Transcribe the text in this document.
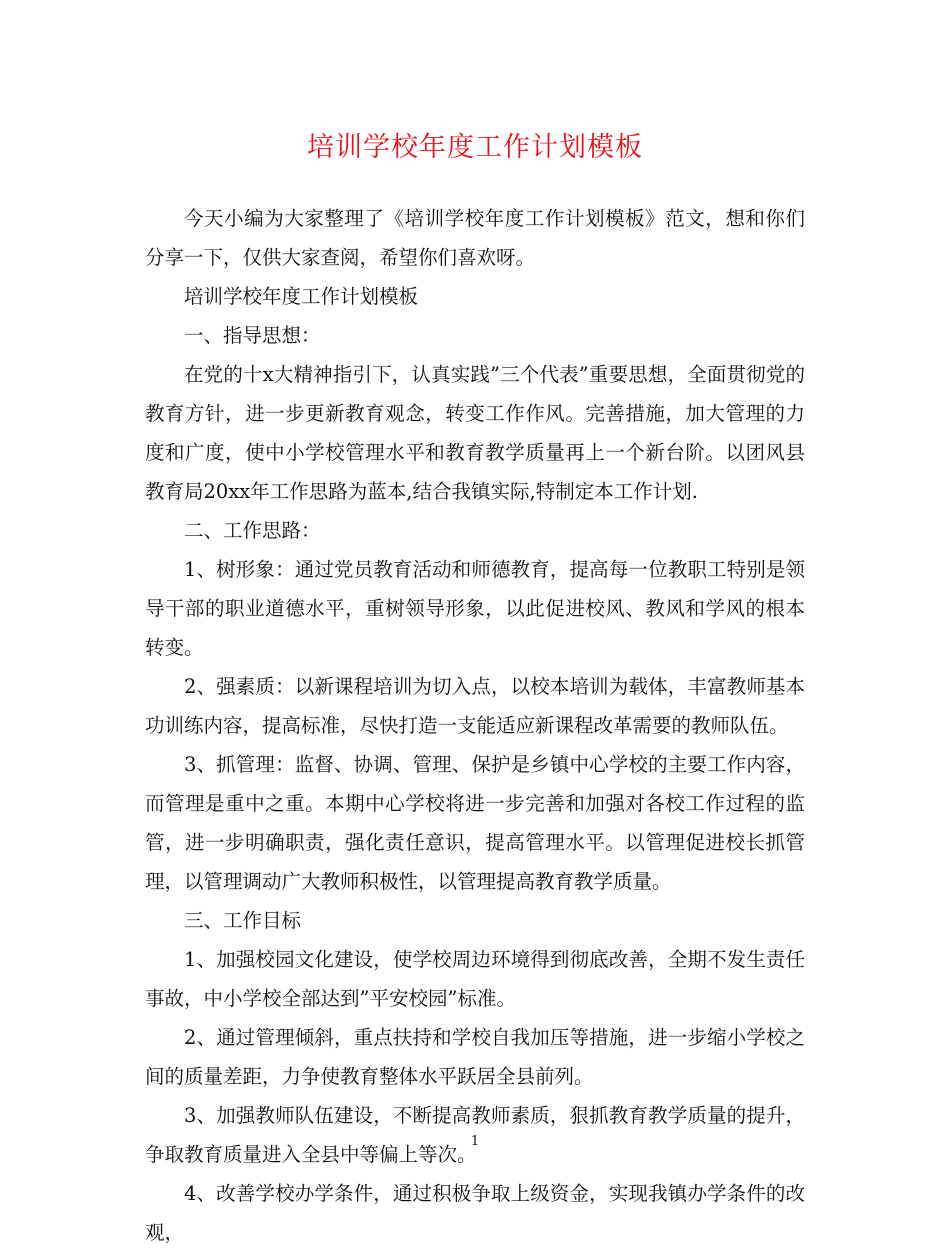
培训学校年度工作计划模板

今天小编为大家整理了《培训学校年度工作计划模板》范文，想和你们分享一下，仅供大家查阅，希望你们喜欢呀。

培训学校年度工作计划模板

一、指导思想：

在党的十x大精神指引下，认真实践”三个代表”重要思想，全面贯彻党的教育方针，进一步更新教育观念，转变工作作风。完善措施，加大管理的力度和广度，使中小学校管理水平和教育教学质量再上一个新台阶。以团风县教育局20xx年工作思路为蓝本,结合我镇实际,特制定本工作计划.

二、工作思路：

1、树形象：通过党员教育活动和师德教育，提高每一位教职工特别是领导干部的职业道德水平，重树领导形象，以此促进校风、教风和学风的根本转变。

2、强素质：以新课程培训为切入点，以校本培训为载体，丰富教师基本功训练内容，提高标准，尽快打造一支能适应新课程改革需要的教师队伍。

3、抓管理：监督、协调、管理、保护是乡镇中心学校的主要工作内容，而管理是重中之重。本期中心学校将进一步完善和加强对各校工作过程的监管，进一步明确职责，强化责任意识，提高管理水平。以管理促进校长抓管理，以管理调动广大教师积极性，以管理提高教育教学质量。

三、工作目标

1、加强校园文化建设，使学校周边环境得到彻底改善，全期不发生责任事故，中小学校全部达到”平安校园”标准。

2、通过管理倾斜，重点扶持和学校自我加压等措施，进一步缩小学校之间的质量差距，力争使教育整体水平跃居全县前列。

3、加强教师队伍建设，不断提高教师素质，狠抓教育教学质量的提升，争取教育质量进入全县中等偏上等次。

4、改善学校办学条件，通过积极争取上级资金，实现我镇办学条件的改观，

1
